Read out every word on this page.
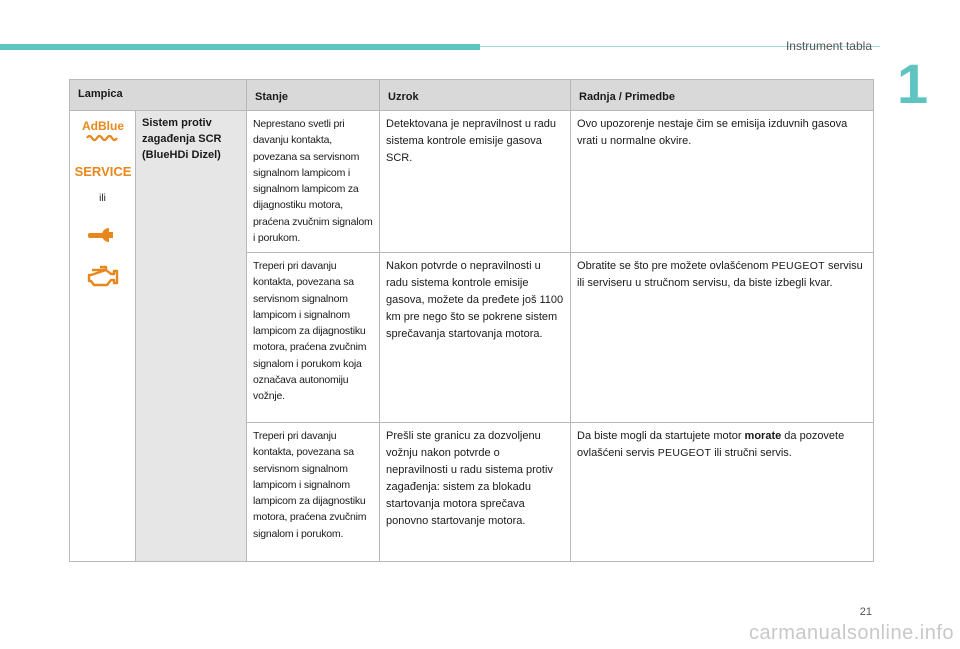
Instrument tabla
1
Lampica		Stanje	Uzrok	Radnja / Primedbe

AdBlue
SERVICE
ili	Sistem protiv zagađenja SCR (BlueHDi Dizel)	Neprestano svetli pri davanju kontakta, povezana sa servisnom signalnom lampicom i signalnom lampicom za dijagnostiku motora, praćena zvučnim signalom i porukom.	Detektovana je nepravilnost u radu sistema kontrole emisije gasova SCR.	Ovo upozorenje nestaje čim se emisija izduvnih gasova vrati u normalne okvire.
		Treperi pri davanju kontakta, povezana sa servisnom signalnom lampicom i signalnom lampicom za dijagnostiku motora, praćena zvučnim signalom i porukom koja označava autonomiju vožnje.	Nakon potvrde o nepravilnosti u radu sistema kontrole emisije gasova, možete da pređete još 1100 km pre nego što se pokrene sistem sprečavanja startovanja motora.	Obratite se što pre možete ovlašćenom PEUGEOT servisu ili serviseru u stručnom servisu, da biste izbegli kvar.
		Treperi pri davanju kontakta, povezana sa servisnom signalnom lampicom i signalnom lampicom za dijagnostiku motora, praćena zvučnim signalom i porukom.	Prešli ste granicu za dozvoljenu vožnju nakon potvrde o nepravilnosti u radu sistema protiv zagađenja: sistem za blokadu startovanja motora sprečava ponovno startovanje motora.	Da biste mogli da startujete motor morate da pozovete ovlašćeni servis PEUGEOT ili stručni servis.
21
carmanualsonline.info
